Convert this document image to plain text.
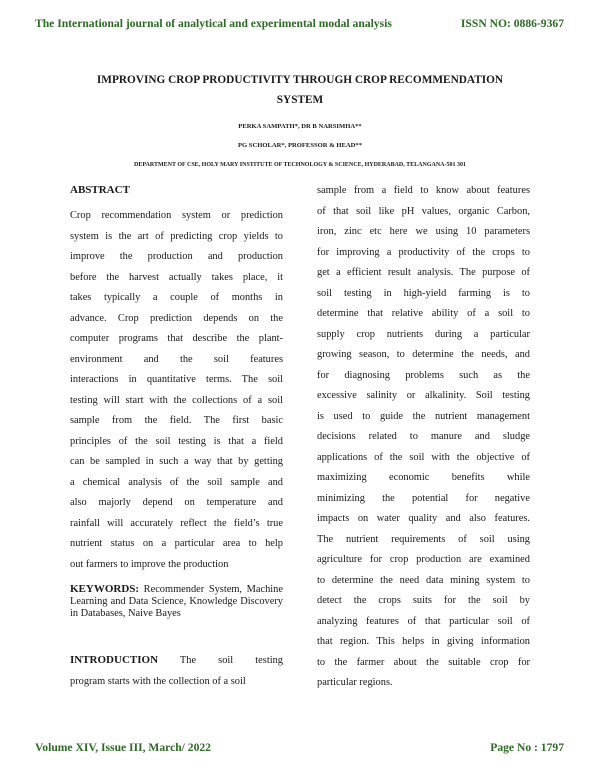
The International journal of analytical and experimental modal analysis	ISSN NO: 0886-9367
IMPROVING CROP PRODUCTIVITY THROUGH CROP RECOMMENDATION
SYSTEM
PERKA SAMPATH*, DR B NARSIMHA**
PG SCHOLAR*, PROFESSOR & HEAD**
DEPARTMENT OF CSE, HOLY MARY INSTITUTE OF TECHNOLOGY & SCIENCE, HYDERABAD, TELANGANA-501 301
ABSTRACT
Crop recommendation system or prediction
system is the art of predicting crop yields to
improve the production and production
before the harvest actually takes place, it
takes typically a couple of months in
advance. Crop prediction depends on the
computer programs that describe the plant-
environment and the soil features
interactions in quantitative terms. The soil
testing will start with the collections of a soil
sample from the field. The first basic
principles of the soil testing is that a field
can be sampled in such a way that by getting
a chemical analysis of the soil sample and
also majorly depend on temperature and
rainfall will accurately reflect the field’s true
nutrient status on a particular area to help
out farmers to improve the production
KEYWORDS: Recommender System, Machine Learning and Data Science, Knowledge Discovery in Databases, Naive Bayes
INTRODUCTION The soil testing
program starts with the collection of a soil
sample from a field to know about features
of that soil like pH values, organic Carbon,
iron, zinc etc here we using 10 parameters
for improving a productivity of the crops to
get a efficient result analysis. The purpose of
soil testing in high-yield farming is to
determine that relative ability of a soil to
supply crop nutrients during a particular
growing season, to determine the needs, and
for diagnosing problems such as the
excessive salinity or alkalinity. Soil testing
is used to guide the nutrient management
decisions related to manure and sludge
applications of the soil with the objective of
maximizing economic benefits while
minimizing the potential for negative
impacts on water quality and also features.
The nutrient requirements of soil using
agriculture for crop production are examined
to determine the need data mining system to
detect the crops suits for the soil by
analyzing features of that particular soil of
that region. This helps in giving information
to the farmer about the suitable crop for
particular regions.
Volume XIV, Issue III, March/ 2022	Page No : 1797
